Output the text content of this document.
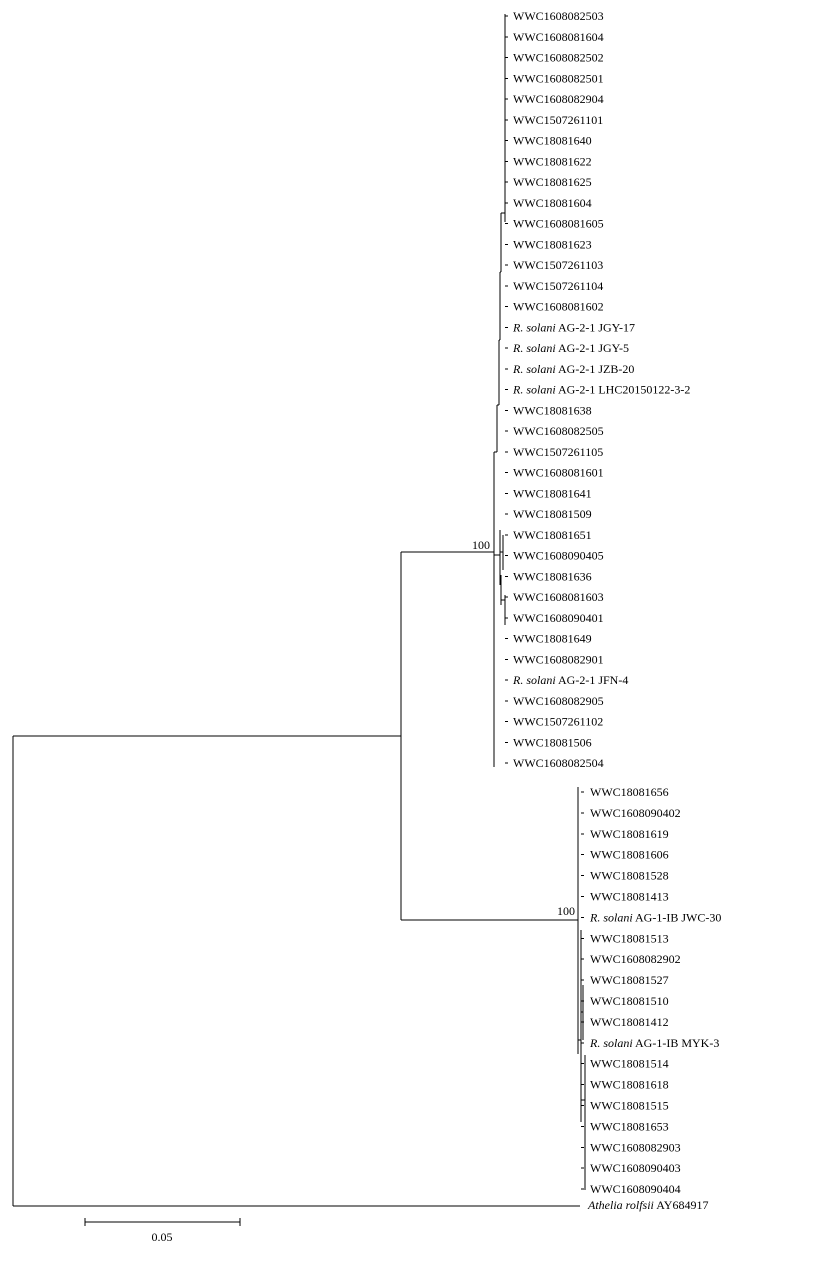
100
100
WWC1608082503
WWC1608081604
WWC1608082502
WWC1608082501
WWC1608082904
WWC1507261101
WWC18081640
WWC18081622
WWC18081625
WWC18081604
WWC1608081605
WWC18081623
WWC1507261103
WWC1507261104
WWC1608081602
R. solani AG-2-1 JGY-17
R. solani AG-2-1 JGY-5
R. solani AG-2-1 JZB-20
R. solani AG-2-1 LHC20150122-3-2
WWC18081638
WWC1608082505
WWC1507261105
WWC1608081601
WWC18081641
WWC18081509
WWC18081651
WWC1608090405
WWC18081636
WWC1608081603
WWC1608090401
WWC18081649
WWC1608082901
R. solani AG-2-1 JFN-4
WWC1608082905
WWC1507261102
WWC18081506
WWC1608082504
WWC18081656
WWC1608090402
WWC18081619
WWC18081606
WWC18081528
WWC18081413
R. solani AG-1-IB JWC-30
WWC18081513
WWC1608082902
WWC18081527
WWC18081510
WWC18081412
R. solani AG-1-IB MYK-3
WWC18081514
WWC18081618
WWC18081515
WWC18081653
WWC1608082903
WWC1608090403
WWC1608090404
Athelia rolfsii AY684917
0.05
